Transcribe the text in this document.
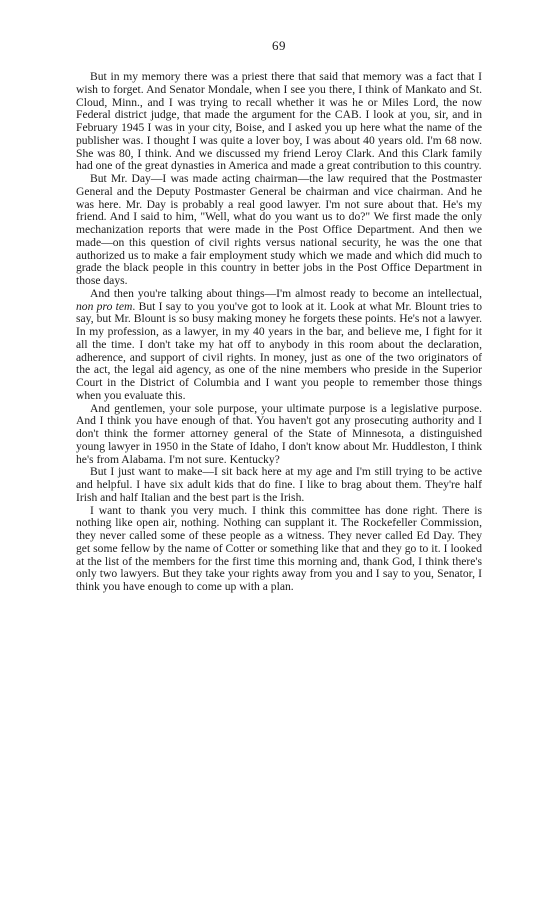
69

But in my memory there was a priest there that said that memory was a fact that I wish to forget. And Senator Mondale, when I see you there, I think of Mankato and St. Cloud, Minn., and I was trying to recall whether it was he or Miles Lord, the now Federal district judge, that made the argument for the CAB. I look at you, sir, and in February 1945 I was in your city, Boise, and I asked you up here what the name of the publisher was. I thought I was quite a lover boy, I was about 40 years old. I'm 68 now. She was 80, I think. And we discussed my friend Leroy Clark. And this Clark family had one of the great dynasties in America and made a great contribution to this country.

But Mr. Day—I was made acting chairman—the law required that the Postmaster General and the Deputy Postmaster General be chairman and vice chairman. And he was here. Mr. Day is probably a real good lawyer. I'm not sure about that. He's my friend. And I said to him, "Well, what do you want us to do?" We first made the only mechanization reports that were made in the Post Office Department. And then we made—on this question of civil rights versus national security, he was the one that authorized us to make a fair employment study which we made and which did much to grade the black people in this country in better jobs in the Post Office Department in those days.

And then you're talking about things—I'm almost ready to become an intellectual, non pro tem. But I say to you you've got to look at it. Look at what Mr. Blount tries to say, but Mr. Blount is so busy making money he forgets these points. He's not a lawyer. In my profession, as a lawyer, in my 40 years in the bar, and believe me, I fight for it all the time. I don't take my hat off to anybody in this room about the declaration, adherence, and support of civil rights. In money, just as one of the two originators of the act, the legal aid agency, as one of the nine members who preside in the Superior Court in the District of Columbia and I want you people to remember those things when you evaluate this.

And gentlemen, your sole purpose, your ultimate purpose is a legislative purpose. And I think you have enough of that. You haven't got any prosecuting authority and I don't think the former attorney general of the State of Minnesota, a distinguished young lawyer in 1950 in the State of Idaho, I don't know about Mr. Huddleston, I think he's from Alabama. I'm not sure. Kentucky?

But I just want to make—I sit back here at my age and I'm still trying to be active and helpful. I have six adult kids that do fine. I like to brag about them. They're half Irish and half Italian and the best part is the Irish.

I want to thank you very much. I think this committee has done right. There is nothing like open air, nothing. Nothing can supplant it. The Rockefeller Commission, they never called some of these people as a witness. They never called Ed Day. They get some fellow by the name of Cotter or something like that and they go to it. I looked at the list of the members for the first time this morning and, thank God, I think there's only two lawyers. But they take your rights away from you and I say to you, Senator, I think you have enough to come up with a plan.
